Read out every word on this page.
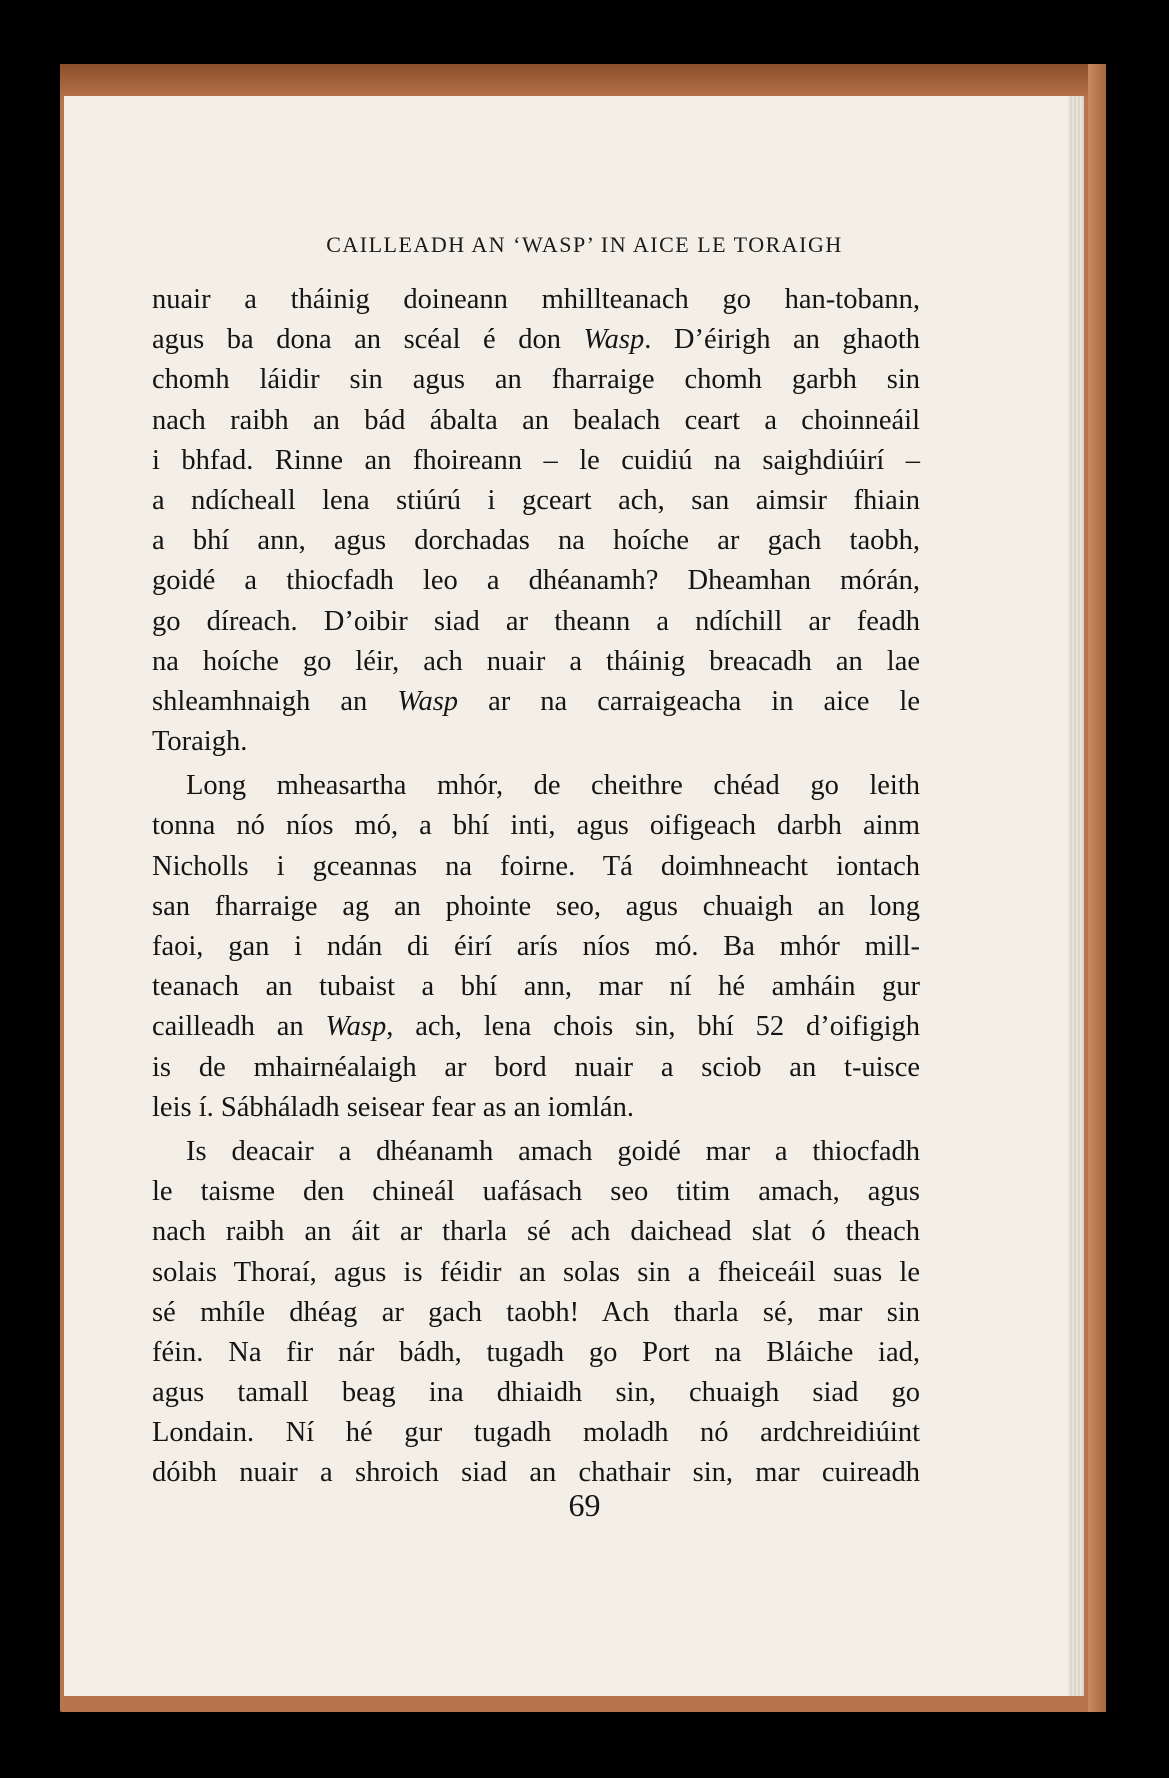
CAILLEADH AN ‘WASP’ IN AICE LE TORAIGH
nuair a tháinig doineann mhillteanach go han-tobann,
agus ba dona an scéal é don Wasp. D’éirigh an ghaoth
chomh láidir sin agus an fharraige chomh garbh sin
nach raibh an bád ábalta an bealach ceart a choinneáil
i bhfad. Rinne an fhoireann – le cuidiú na saighdiúirí –
a ndícheall lena stiúrú i gceart ach, san aimsir fhiain
a bhí ann, agus dorchadas na hoíche ar gach taobh,
goidé a thiocfadh leo a dhéanamh? Dheamhan mórán,
go díreach. D’oibir siad ar theann a ndíchill ar feadh
na hoíche go léir, ach nuair a tháinig breacadh an lae
shleamhnaigh an Wasp ar na carraigeacha in aice le
Toraigh.
Long mheasartha mhór, de cheithre chéad go leith
tonna nó níos mó, a bhí inti, agus oifigeach darbh ainm
Nicholls i gceannas na foirne. Tá doimhneacht iontach
san fharraige ag an phointe seo, agus chuaigh an long
faoi, gan i ndán di éirí arís níos mó. Ba mhór mill-
teanach an tubaist a bhí ann, mar ní hé amháin gur
cailleadh an Wasp, ach, lena chois sin, bhí 52 d’oifigigh
is de mhairnéalaigh ar bord nuair a sciob an t-uisce
leis í. Sábháladh seisear fear as an iomlán.
Is deacair a dhéanamh amach goidé mar a thiocfadh
le taisme den chineál uafásach seo titim amach, agus
nach raibh an áit ar tharla sé ach daichead slat ó theach
solais Thoraí, agus is féidir an solas sin a fheiceáil suas le
sé mhíle dhéag ar gach taobh! Ach tharla sé, mar sin
féin. Na fir nár bádh, tugadh go Port na Bláiche iad,
agus tamall beag ina dhiaidh sin, chuaigh siad go
Londain. Ní hé gur tugadh moladh nó ardchreidiúint
dóibh nuair a shroich siad an chathair sin, mar cuireadh
69
